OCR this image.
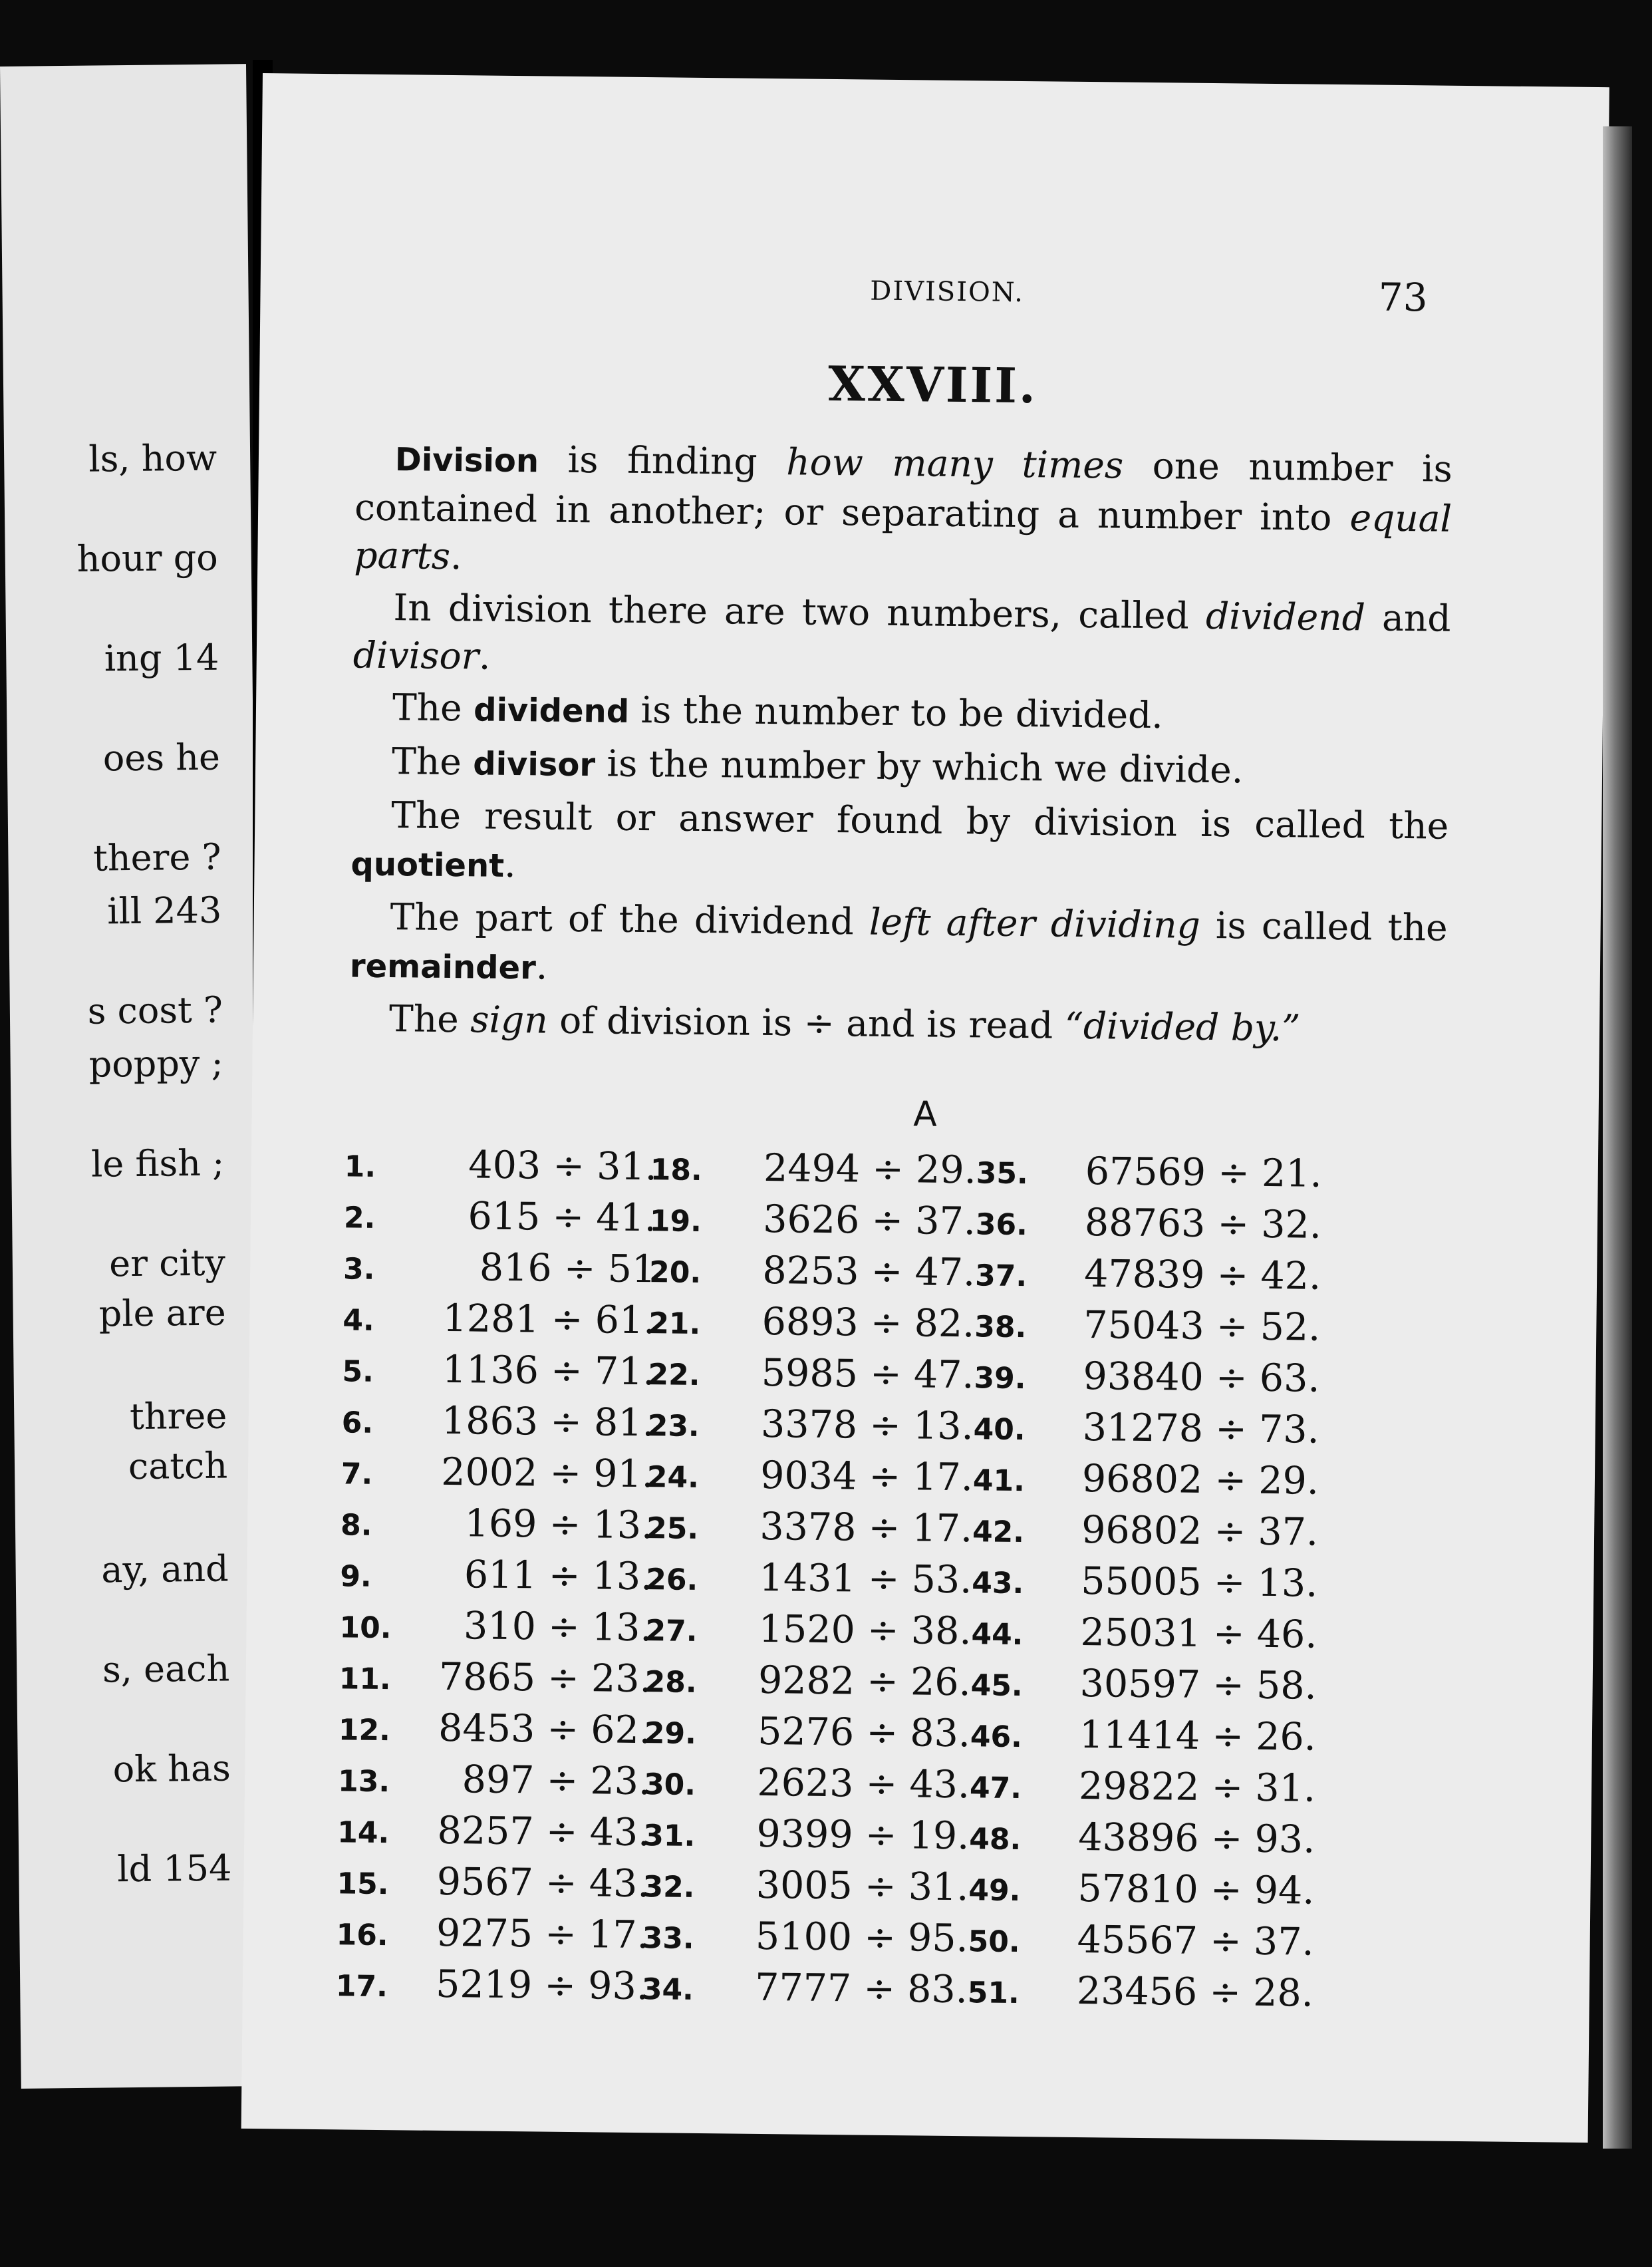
ls, how
hour go
ing 14
oes he
there ?
ill 243
s cost ?
poppy ;
le fish ;
er city
ple are
three
catch
ay, and
s, each
ok has
ld 154
DIVISION.	73
XXVIII.

Division is finding how many times one number is contained in another; or separating a number into equal parts.

In division there are two numbers, called dividend and divisor.

The dividend is the number to be divided.

The divisor is the number by which we divide.

The result or answer found by division is called the quotient.

The part of the dividend left after dividing is called the remainder.

The sign of division is ÷ and is read “divided by.”

A
1.	403 ÷ 31.
2.	615 ÷ 41.
3.	816 ÷ 51
4.	1281 ÷ 61.
5.	1136 ÷ 71.
6.	1863 ÷ 81.
7.	2002 ÷ 91.
8.	169 ÷ 13.
9.	611 ÷ 13.
10.	310 ÷ 13.
11.	7865 ÷ 23.
12.	8453 ÷ 62.
13.	897 ÷ 23.
14.	8257 ÷ 43.
15.	9567 ÷ 43.
16.	9275 ÷ 17.
17.	5219 ÷ 93.
18.	2494 ÷ 29.
19.	3626 ÷ 37.
20.	8253 ÷ 47.
21.	6893 ÷ 82.
22.	5985 ÷ 47.
23.	3378 ÷ 13.
24.	9034 ÷ 17.
25.	3378 ÷ 17.
26.	1431 ÷ 53.
27.	1520 ÷ 38.
28.	9282 ÷ 26.
29.	5276 ÷ 83.
30.	2623 ÷ 43.
31.	9399 ÷ 19.
32.	3005 ÷ 31.
33.	5100 ÷ 95.
34.	7777 ÷ 83.
35.	67569 ÷ 21.
36.	88763 ÷ 32.
37.	47839 ÷ 42.
38.	75043 ÷ 52.
39.	93840 ÷ 63.
40.	31278 ÷ 73.
41.	96802 ÷ 29.
42.	96802 ÷ 37.
43.	55005 ÷ 13.
44.	25031 ÷ 46.
45.	30597 ÷ 58.
46.	11414 ÷ 26.
47.	29822 ÷ 31.
48.	43896 ÷ 93.
49.	57810 ÷ 94.
50.	45567 ÷ 37.
51.	23456 ÷ 28.
